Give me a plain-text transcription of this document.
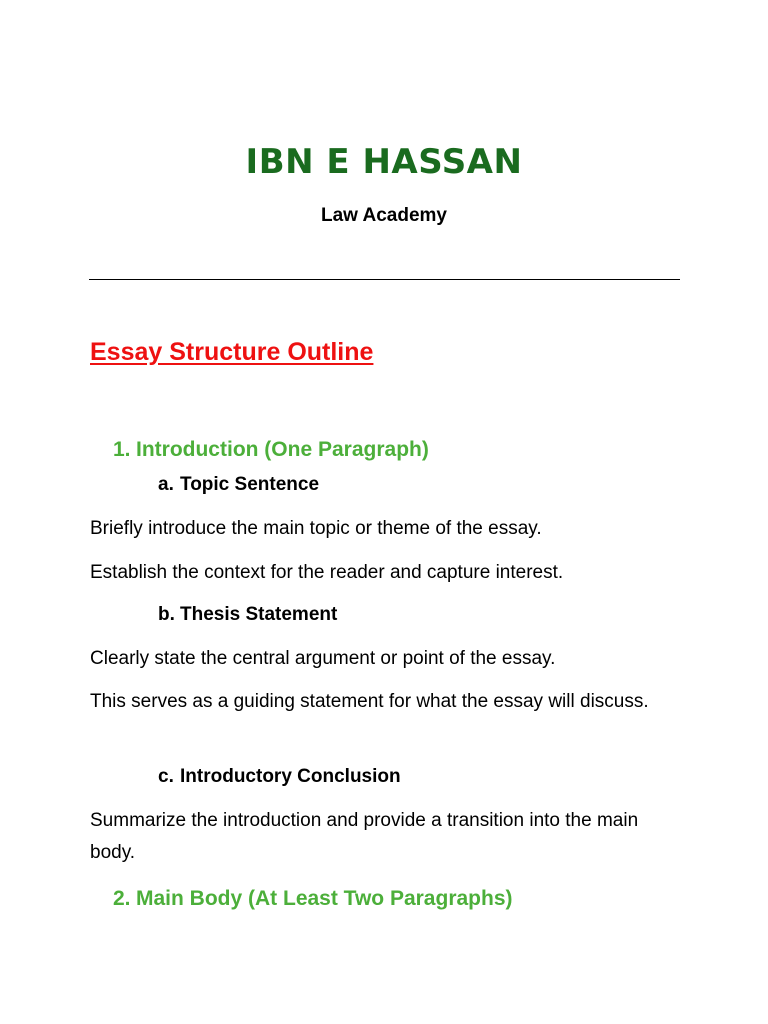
IBN E HASSAN
Law Academy
Essay Structure Outline
1. Introduction (One Paragraph)
a. Topic Sentence
Briefly introduce the main topic or theme of the essay.
Establish the context for the reader and capture interest.
b. Thesis Statement
Clearly state the central argument or point of the essay.
This serves as a guiding statement for what the essay will discuss.
c. Introductory Conclusion
Summarize the introduction and provide a transition into the main body.
2. Main Body (At Least Two Paragraphs)
